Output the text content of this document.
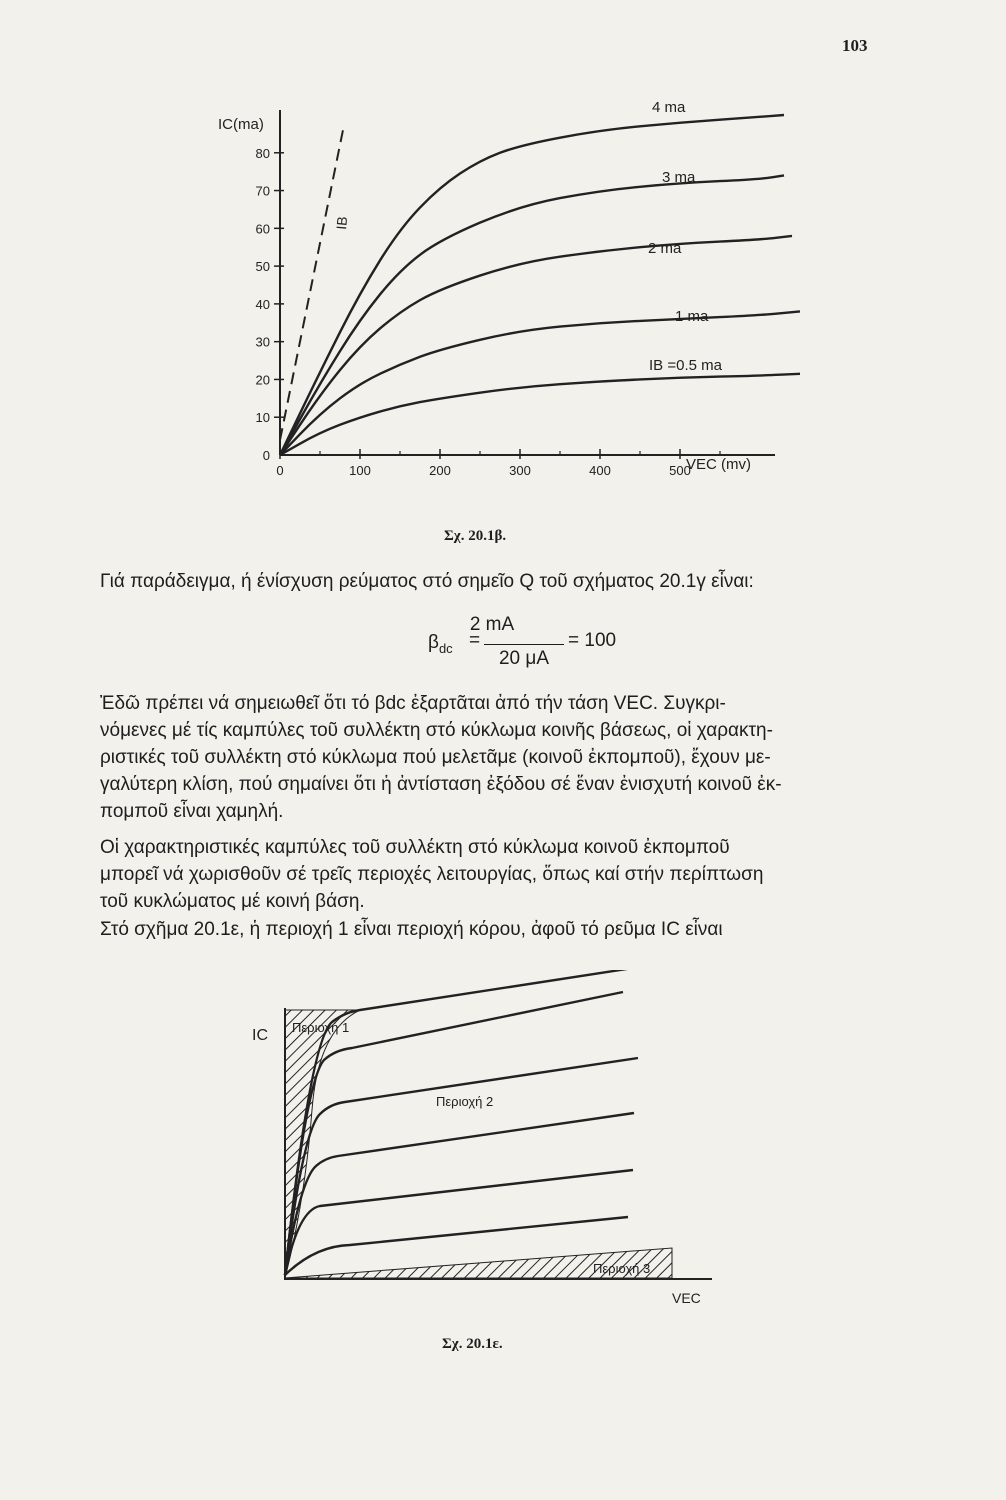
103
0
10
20
30
40
50
60
70
80
0	100	200	300	400	500
IB
IC(ma)
VEC (mv)
4 ma
3 ma
2 ma
1 ma
IB =0.5 ma
Σχ. 20.1β.
Γιά παράδειγμα, ή ένίσχυση ρεύματος στό σημεῖο Q τοῦ σχήματος 20.1γ εἶναι:
$\beta_{dc}$ =
2 mA
20 μA
= 100
Ἐδῶ πρέπει νά σημειωθεῖ ὅτι τό βdc ἐξαρτᾶται ἀπό τήν τάση VEC. Συγκρι-
νόμενες μέ τίς καμπύλες τοῦ συλλέκτη στό κύκλωμα κοινῆς βάσεως, οἱ χαρακτη-
ριστικές τοῦ συλλέκτη στό κύκλωμα πού μελετᾶμε (κοινοῦ ἐκπομποῦ), ἔχουν με-
γαλύτερη κλίση, πού σημαίνει ὅτι ἡ ἀντίσταση ἐξόδου σέ ἕναν ἐνισχυτή κοινοῦ ἐκ-
πομποῦ εἶναι χαμηλή.
Οἱ χαρακτηριστικές καμπύλες τοῦ συλλέκτη στό κύκλωμα κοινοῦ ἐκπομποῦ
μπορεῖ νά χωρισθοῦν σέ τρεῖς περιοχές λειτουργίας, ὅπως καί στήν περίπτωση
τοῦ κυκλώματος μέ κοινή βάση.
Στό σχῆμα 20.1ε, ἡ περιοχή 1 εἶναι περιοχή κόρου, ἀφοῦ τό ρεῦμα IC εἶναι
IC
VEC
Περιοχή 1
Περιοχή 2
Περιοχή 3
Σχ. 20.1ε.
